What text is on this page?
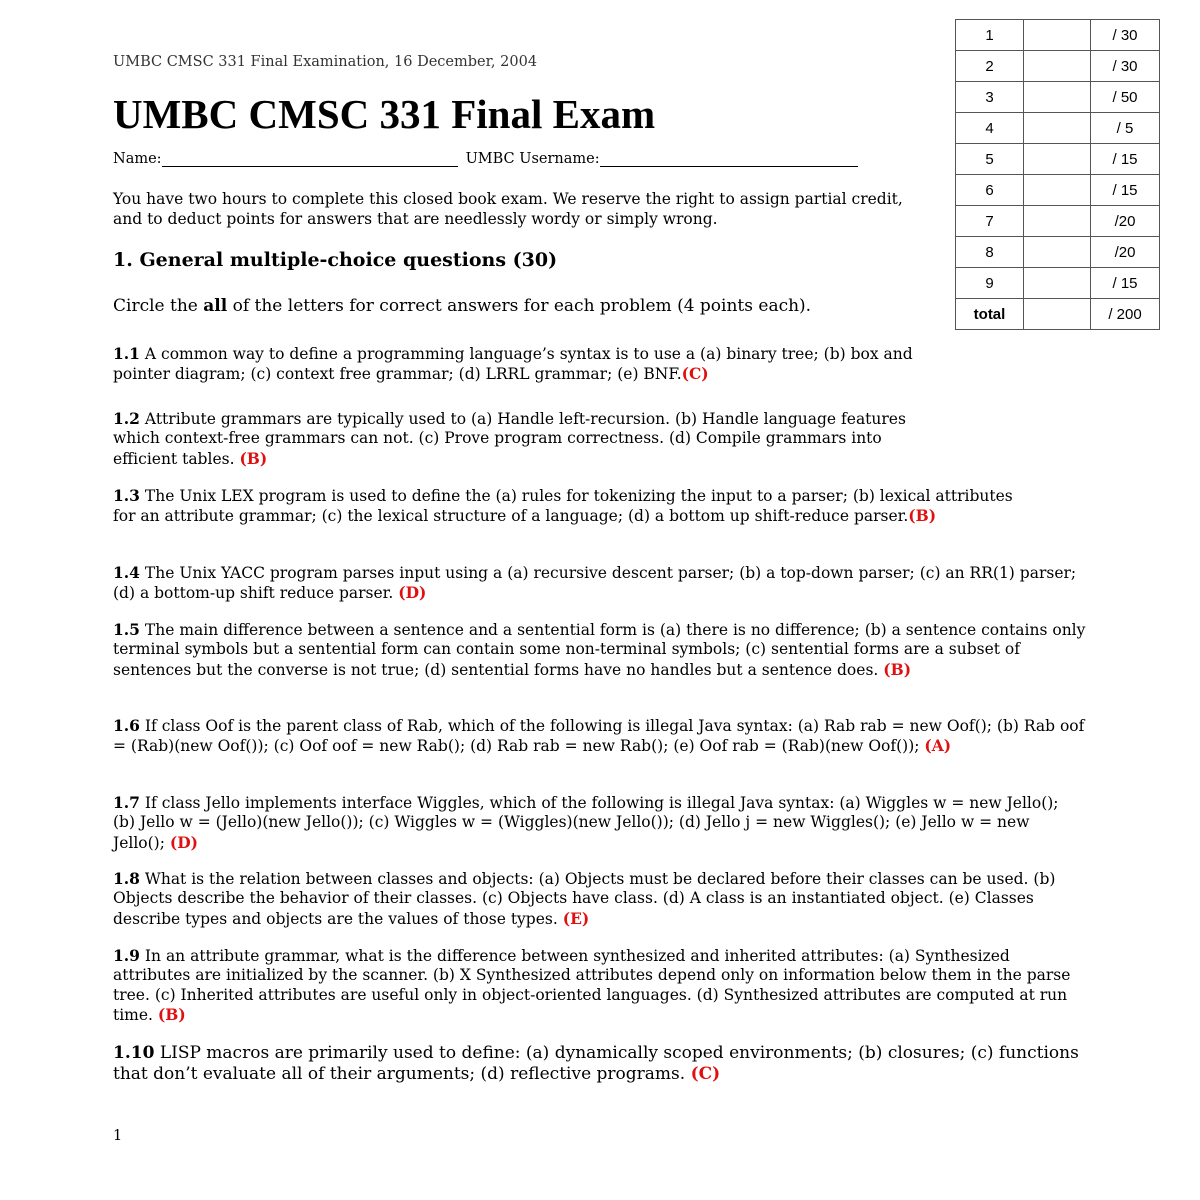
UMBC CMSC 331 Final Examination, 16 December, 2004
UMBC CMSC 331 Final Exam
Name:	UMBC Username:

You have two hours to complete this closed book exam. We reserve the right to assign partial credit, and to deduct points for answers that are needlessly wordy or simply wrong.

1. General multiple-choice questions (30)

Circle the all of the letters for correct answers for each problem (4 points each).

1.1 A common way to define a programming language’s syntax is to use a (a) binary tree; (b) box and pointer diagram; (c) context free grammar; (d) LRRL grammar; (e) BNF.(C)

1.2 Attribute grammars are typically used to (a) Handle left-recursion. (b) Handle language features which context-free grammars can not. (c) Prove program correctness. (d) Compile grammars into efficient tables. (B)

1.3 The Unix LEX program is used to define the (a) rules for tokenizing the input to a parser; (b) lexical attributes for an attribute grammar; (c) the lexical structure of a language; (d) a bottom up shift-reduce parser.(B)

1.4 The Unix YACC program parses input using a (a) recursive descent parser; (b) a top-down parser; (c) an RR(1) parser; (d) a bottom-up shift reduce parser. (D)

1.5 The main difference between a sentence and a sentential form is (a) there is no difference; (b) a sentence contains only terminal symbols but a sentential form can contain some non-terminal symbols; (c) sentential forms are a subset of sentences but the converse is not true; (d) sentential forms have no handles but a sentence does. (B)

1.6 If class Oof is the parent class of Rab, which of the following is illegal Java syntax: (a) Rab rab = new Oof(); (b) Rab oof = (Rab)(new Oof()); (c) Oof oof = new Rab(); (d) Rab rab = new Rab(); (e) Oof rab = (Rab)(new Oof()); (A)

1.7 If class Jello implements interface Wiggles, which of the following is illegal Java syntax: (a) Wiggles w = new Jello(); (b) Jello w = (Jello)(new Jello()); (c) Wiggles w = (Wiggles)(new Jello()); (d) Jello j = new Wiggles(); (e) Jello w = new Jello(); (D)

1.8 What is the relation between classes and objects: (a) Objects must be declared before their classes can be used. (b) Objects describe the behavior of their classes. (c) Objects have class. (d) A class is an instantiated object. (e) Classes describe types and objects are the values of those types. (E)

1.9 In an attribute grammar, what is the difference between synthesized and inherited attributes: (a) Synthesized attributes are initialized by the scanner. (b) X Synthesized attributes depend only on information below them in the parse tree. (c) Inherited attributes are useful only in object-oriented languages. (d) Synthesized attributes are computed at run time. (B)

1.10 LISP macros are primarily used to define: (a) dynamically scoped environments; (b) closures; (c) functions that don’t evaluate all of their arguments; (d) reflective programs. (C)

1		/ 30
2		/ 30
3		/ 50
4		/ 5
5		/ 15
6		/ 15
7		/20
8		/20
9		/ 15
total		/ 200
1
